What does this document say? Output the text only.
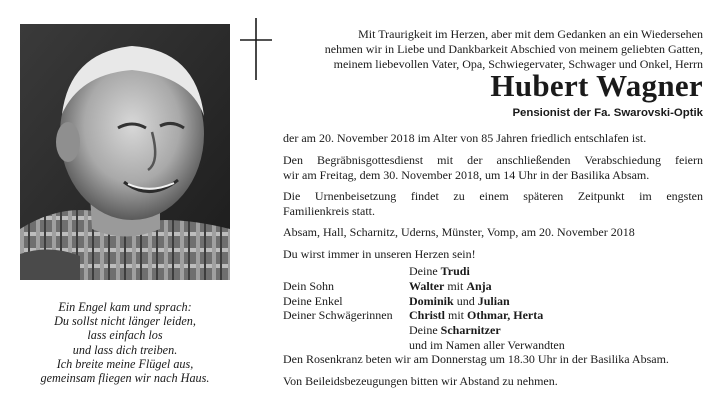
Ein Engel kam und sprach:
Du sollst nicht länger leiden,
lass einfach los
und lass dich treiben.
Ich breite meine Flügel aus,
gemeinsam fliegen wir nach Haus.
Mit Traurigkeit im Herzen, aber mit dem Gedanken an ein Wiedersehen
nehmen wir in Liebe und Dankbarkeit Abschied von meinem geliebten Gatten,
meinem liebevollen Vater, Opa, Schwiegervater, Schwager und Onkel, Herrn
Hubert Wagner
Pensionist der Fa. Swarovski-Optik
der am 20. November 2018 im Alter von 85 Jahren friedlich entschlafen ist.
Den Begräbnisgottesdienst mit der anschließenden Verabschiedung feiern
wir am Freitag, dem 30. November 2018, um 14 Uhr in der Basilika Absam.
Die Urnenbeisetzung findet zu einem späteren Zeitpunkt im engsten
Familienkreis statt.
Absam, Hall, Scharnitz, Uderns, Münster, Vomp, am 20. November 2018
Du wirst immer in unseren Herzen sein!
Deine Trudi
Dein Sohn	Walter mit Anja
Deine Enkel	Dominik und Julian
Deiner Schwägerinnen	Christl mit Othmar, Herta
Deine Scharnitzer
und im Namen aller Verwandten
Den Rosenkranz beten wir am Donnerstag um 18.30 Uhr in der Basilika Absam.
Von Beileidsbezeugungen bitten wir Abstand zu nehmen.
